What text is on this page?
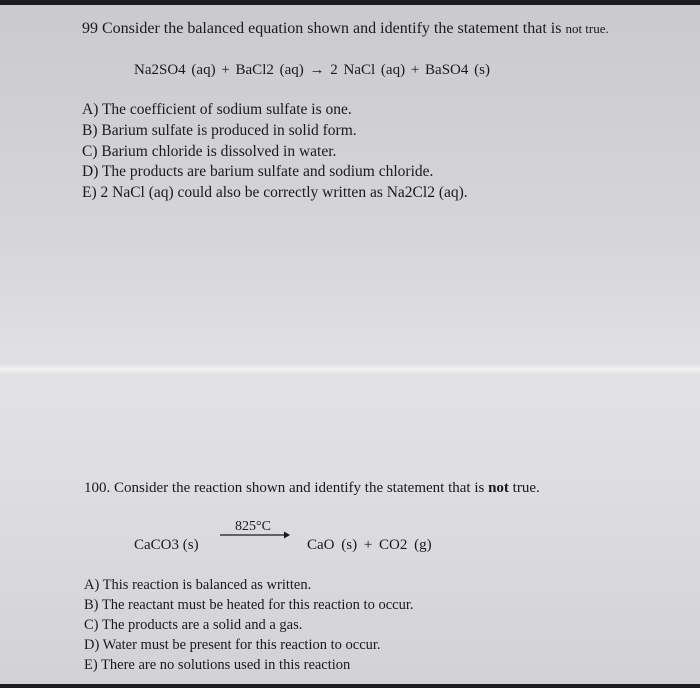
99 Consider the balanced equation shown and identify the statement that is not true.
Na2SO4 (aq) + BaCl2 (aq) → 2 NaCl (aq) + BaSO4 (s)
A) The coefficient of sodium sulfate is one.
B) Barium sulfate is produced in solid form.
C) Barium chloride is dissolved in water.
D) The products are barium sulfate and sodium chloride.
E) 2 NaCl (aq) could also be correctly written as Na2Cl2 (aq).
100. Consider the reaction shown and identify the statement that is not true.
CaCO3 (s)
825°C
CaO (s) + CO2 (g)
A) This reaction is balanced as written.
B) The reactant must be heated for this reaction to occur.
C) The products are a solid and a gas.
D) Water must be present for this reaction to occur.
E) There are no solutions used in this reaction
